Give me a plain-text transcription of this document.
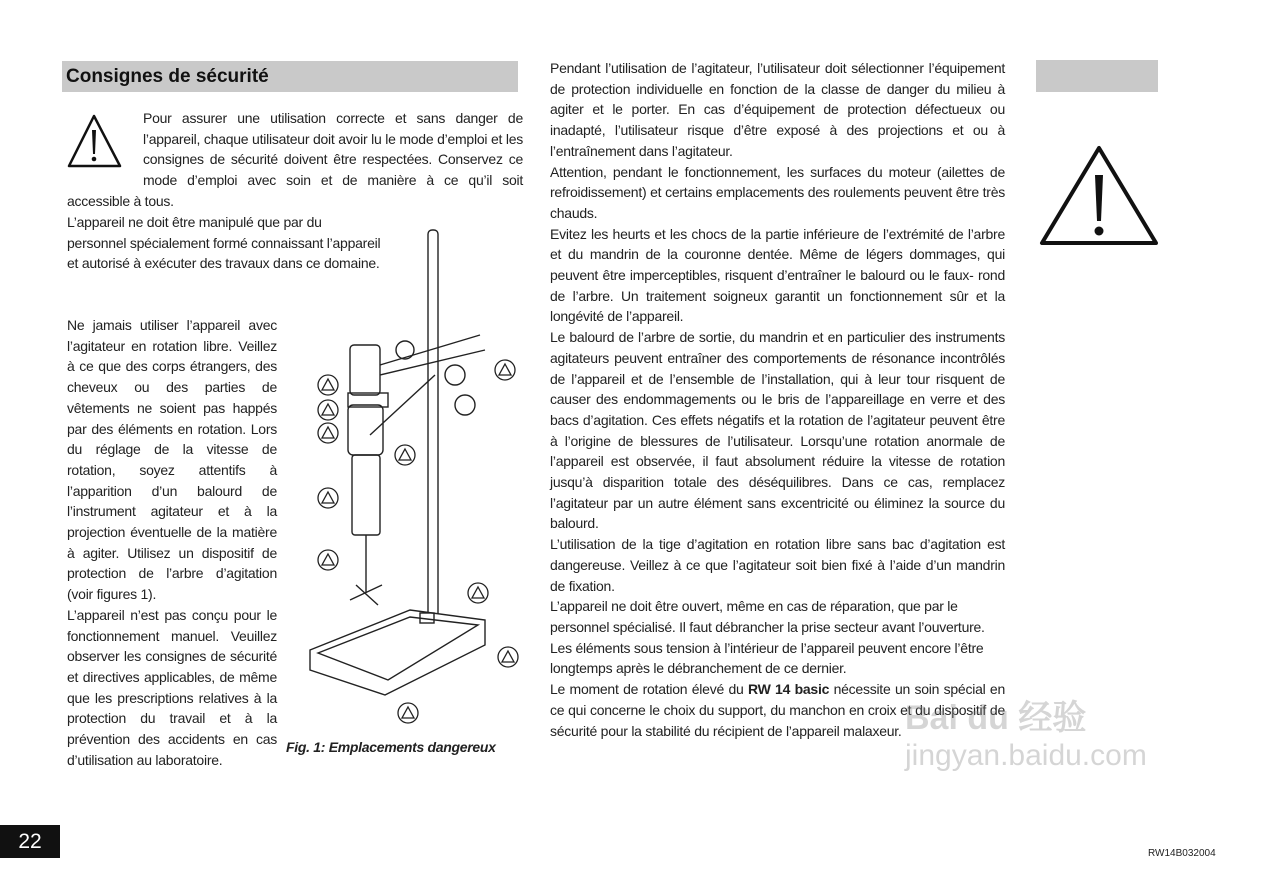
Consignes de sécurité
Pour assurer une utilisation correcte et sans danger de l’appareil, chaque utilisateur doit avoir lu le mode d’emploi et les consignes de sécurité doivent être respectées. Conservez ce mode d’emploi avec soin et de manière à ce qu’il soit accessible à tous.

L’appareil ne doit être manipulé que par du personnel spécialement formé connaissant l’appareil et autorisé à exécuter des travaux dans ce domaine.

Ne jamais utiliser l’appareil avec l’agitateur en rotation libre. Veillez à ce que des corps étrangers, des cheveux ou des parties de vêtements ne soient pas happés par des éléments en rotation. Lors du réglage de la vitesse de rotation, soyez attentifs à l’apparition d’un balourd de l’instrument agitateur et à la projection éventuelle de la matière à agiter. Utilisez un dispositif de protection de l’arbre d’agitation (voir figures 1).

L’appareil n’est pas conçu pour le fonctionnement manuel. Veuillez observer les consignes de sécurité et directives applicables, de même que les prescriptions relatives à la protection du travail et à la prévention des accidents en cas d’utilisation au laboratoire.

Fig. 1: Emplacements dangereux

Pendant l’utilisation de l’agitateur, l’utilisateur doit sélectionner l’équipement de protection individuelle en fonction de la classe de danger du milieu à agiter et le porter. En cas d’équipement de protection défectueux ou inadapté, l’utilisateur risque d’être exposé à des projections et ou à l’entraînement dans l’agitateur.

Attention, pendant le fonctionnement, les surfaces du moteur (ailettes de refroidissement) et certains emplacements des roulements peuvent être très chauds.

Evitez les heurts et les chocs de la partie inférieure de l’extrémité de l’arbre et du mandrin de la couronne dentée. Même de légers dommages, qui peuvent être imperceptibles, risquent d’entraîner le balourd ou le faux- rond de l’arbre. Un traitement soigneux garantit un fonctionnement sûr et la longévité de l’appareil.

Le balourd de l’arbre de sortie, du mandrin et en particulier des instruments agitateurs peuvent entraîner des comportements de résonance incontrôlés de l’appareil et de l’ensemble de l’installation, qui à leur tour risquent de causer des endommagements ou le bris de l’appareillage en verre et des bacs d’agitation. Ces effets négatifs et la rotation de l’agitateur peuvent être à l’origine de blessures de l’utilisateur. Lorsqu’une rotation anormale de l’appareil est observée, il faut absolument réduire la vitesse de rotation jusqu’à disparition totale des déséquilibres. Dans ce cas, remplacez l’agitateur par un autre élément sans excentricité ou éliminez la source du balourd.

L’utilisation de la tige d’agitation en rotation libre sans bac d’agitation est dangereuse. Veillez à ce que l’agitateur soit bien fixé à l’aide d’un mandrin de fixation.

L’appareil ne doit être ouvert, même en cas de réparation, que par le personnel spécialisé. Il faut débrancher la prise secteur avant l’ouverture. Les éléments sous tension à l’intérieur de l’appareil peuvent encore l’être longtemps après le débranchement de ce dernier.

Le moment de rotation élevé du RW 14 basic nécessite un soin spécial en ce qui concerne le choix du support, du manchon en croix et du dispositif de sécurité pour la stabilité du récipient de l’appareil malaxeur. Bai du 经验
jingyan.baidu.com
22
RW14B032004
